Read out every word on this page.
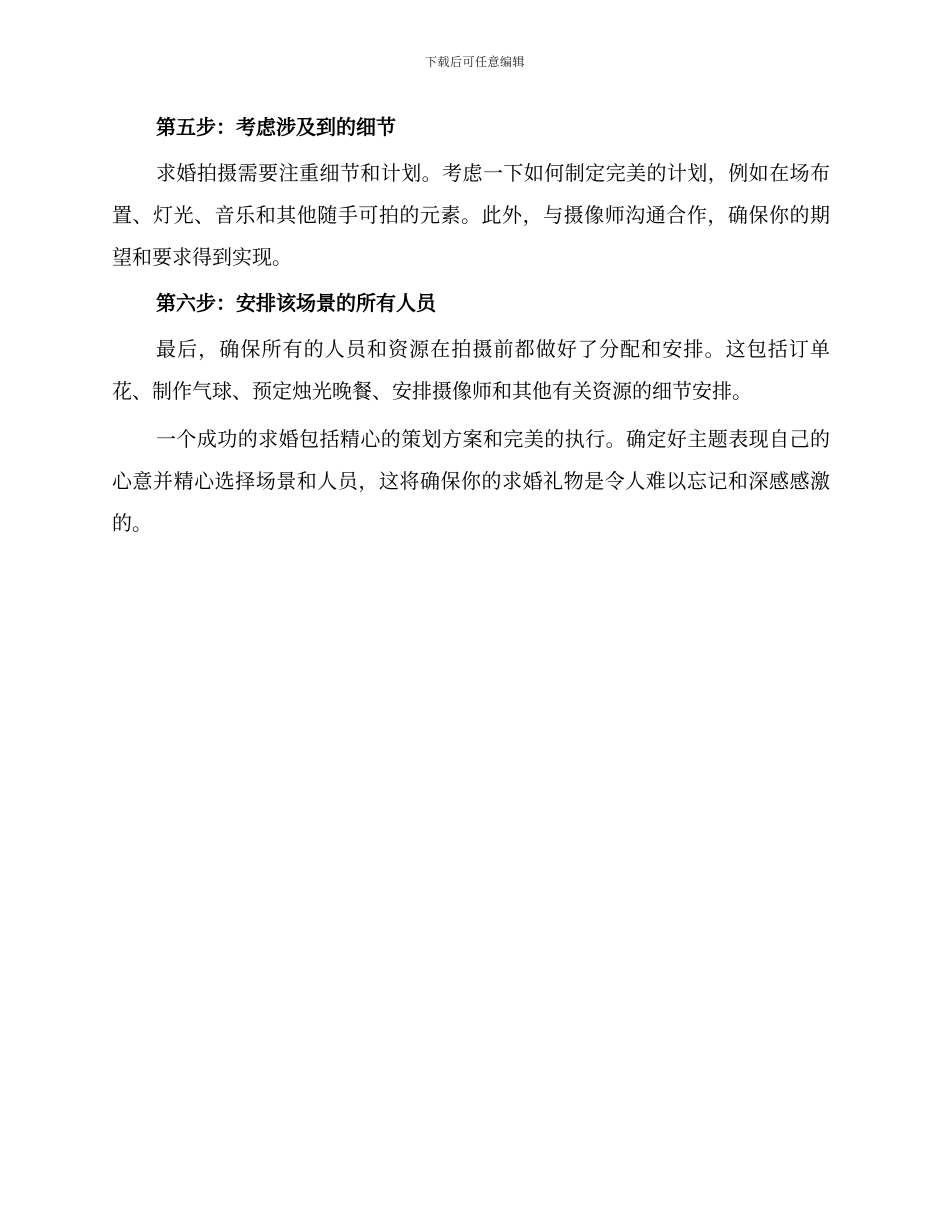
下载后可任意编辑
第五步：考虑涉及到的细节

求婚拍摄需要注重细节和计划。考虑一下如何制定完美的计划，例如在场布置、灯光、音乐和其他随手可拍的元素。此外，与摄像师沟通合作，确保你的期望和要求得到实现。

第六步：安排该场景的所有人员

最后，确保所有的人员和资源在拍摄前都做好了分配和安排。这包括订单花、制作气球、预定烛光晚餐、安排摄像师和其他有关资源的细节安排。

一个成功的求婚包括精心的策划方案和完美的执行。确定好主题表现自己的心意并精心选择场景和人员，这将确保你的求婚礼物是令人难以忘记和深感感激的。
